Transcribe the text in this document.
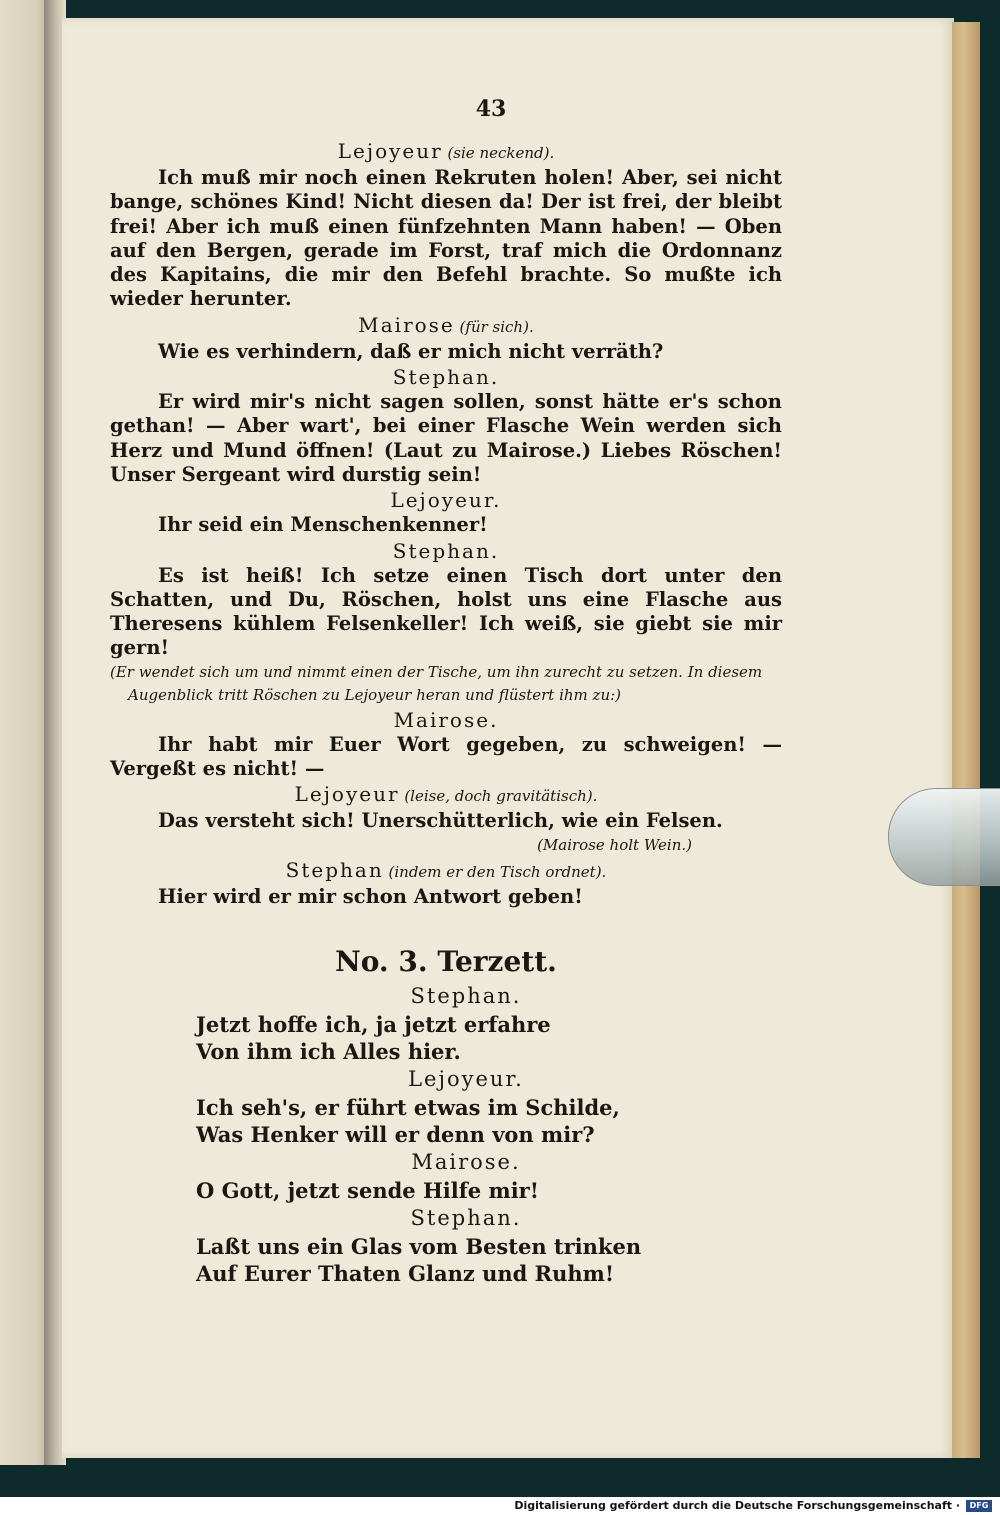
43
Lejoyeur (sie neckend).
Ich muß mir noch einen Rekruten holen! Aber, sei nicht bange, schönes Kind! Nicht diesen da! Der ist frei, der bleibt frei! Aber ich muß einen fünfzehnten Mann haben! — Oben auf den Bergen, gerade im Forst, traf mich die Ordonnanz des Kapitains, die mir den Befehl brachte. So mußte ich wieder herunter.
Mairose (für sich).
Wie es verhindern, daß er mich nicht verräth?
Stephan.
Er wird mir's nicht sagen sollen, sonst hätte er's schon gethan! — Aber wart', bei einer Flasche Wein werden sich Herz und Mund öffnen! (Laut zu Mairose.) Liebes Röschen! Unser Sergeant wird durstig sein!
Lejoyeur.
Ihr seid ein Menschenkenner!
Stephan.
Es ist heiß! Ich setze einen Tisch dort unter den Schatten, und Du, Röschen, holst uns eine Flasche aus Theresens kühlem Felsenkeller! Ich weiß, sie giebt sie mir gern!
(Er wendet sich um und nimmt einen der Tische, um ihn zurecht zu setzen. In diesem Augenblick tritt Röschen zu Lejoyeur heran und flüstert ihm zu:)
Mairose.
Ihr habt mir Euer Wort gegeben, zu schweigen! — Vergeßt es nicht! —
Lejoyeur (leise, doch gravitätisch).
Das versteht sich! Unerschütterlich, wie ein Felsen.
(Mairose holt Wein.)
Stephan (indem er den Tisch ordnet).
Hier wird er mir schon Antwort geben!
No. 3. Terzett.
Stephan.
Jetzt hoffe ich, ja jetzt erfahre
Von ihm ich Alles hier.
Lejoyeur.
Ich seh's, er führt etwas im Schilde,
Was Henker will er denn von mir?
Mairose.
O Gott, jetzt sende Hilfe mir!
Stephan.
Laßt uns ein Glas vom Besten trinken
Auf Eurer Thaten Glanz und Ruhm!
Digitalisierung gefördert durch die Deutsche Forschungsgemeinschaft ·	DFG
